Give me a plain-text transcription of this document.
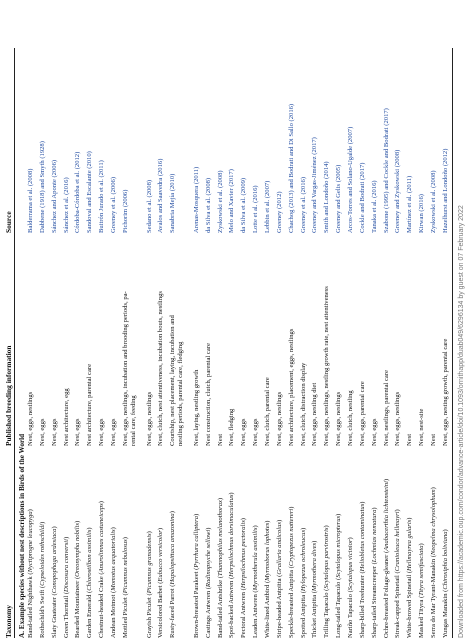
Taxonomy
Published breeding information
Source
A. Example species without nest descriptions in Birds of the World Band-tailed Nighthawk (Nyctiprogne leucopyga)
Nest, eggs, nestlings
Balderrama et al. (2008)
Rothschild's Swift (Cypseloides rothschildi)
Nest, eggs
Dabbene (1918) and Smyth (1928)
Slaty Gnateater (Conopophaga ardesiaca)
Nest, eggs
Sánchez and Aponte (2006)
Green Thorntail (Discosura conversii)
Nest architecture, egg
Sánchez et al. (2016)
Bearded Mountaineer (Oreonympha nobilis)
Nest, eggs
Córdoba-Córdoba et al. (2012)
Garden Emerald (Chlorostilbon assimilis)
Nest architecture, parental care
Sandoval and Escalante (2010)
Chestnut-headed Crake (Anurolimnas castaneiceps)
Nest, eggs
Buitrón Jurado et al. (2011)
Andean Motmot (Momotus aequatorialis)
Nest, eggs
Greeney et al. (2006)
Mottled Piculet (Picumnus nebulosus)
Nest, eggs, nestlings, incubation and brooding periods, pa- rental care, feeding
Pichorim (2006)
Grayish Piculet (Picumnus granadensis)
Nest, eggs, nestlings
Sedano et al. (2008)
Versicolored Barbet (Eubucco versicolor)
Nest, clutch, nest attentiveness, incubation bouts, nestlings
Avalos and Saavedra (2016)
Rusty-faced Parrot (Hapalopsittaca amazonina)
Courtship, nest placement, laying, incubation and nestling periods, parental care, fledging
Sanabria Mejía (2010)
Brown-breasted Parakeet (Pyrrhura calliptera)
Nest, laying, nestling growth
Arenas-Mosquera (2011)
Castings Antwren (Radinopsyche sellowi)
Nest construction, clutch, parental care
da Silva et al. (2008)
Band-tailed Antshrike (Thamnophilus melanothorax)
Nest
Zyskowski et al. (2008)
Spot-backed Antwren (Herpsilochmus dorsimaculatus)
Nest, fledging
Melo and Xavier (2017)
Pectoral Antwren (Herpsilochmus pectoralis)
Nest, eggs
da Silva et al. (2009)
Leaden Antwren (Myrmotherula assimilis)
Nest, eggs
Lotte et al. (2016)
White-lined Antbird (Myrmoborus lophotes)
Nest, clutch, parental care
Lebbin et al. (2007)
Stripe-headed Antpitta (Grallaria andicolus)
Nest, eggs, nestlings
Greeney (2012)
Speckle-breasted Antpitta (Cryptopezus nattereri)
Nest architecture, placement, eggs, nestlings
Chachog (2013) and Bodrati and Di Sallo (2016)
Spotted Antpitta (Hylopezus ochroleucus)
Nest, clutch, distraction display
Greeney et al. (2016)
Thicket Antpitta (Myrmothera dives)
Nest, eggs, nestling diet
Greeney and Vargas-Jiménez (2017)
Trilling Tapaculo (Scytalopus parvirostris)
Nest, eggs, nestlings, nestling growth rate, nest attentiveness
Smith and Londoño (2014)
Long-tailed Tapaculo (Scytalopus micropterus)
Nest, eggs, nestlings
Greeney and Gelis (2005)
Nariño Tapaculo (Scytalopus vicinior)
Nest, clutch, nestling
Arcos-Torres and Solano-Ugalde (2007)
Sharp-billed Treehunter (Heliobletus contaminatus)
Nest, eggs, parental care
Cockle and Bodrati (2017)
Sharp-tailed Streamcreeper (Lochmias nematura)
Nest, eggs
Tanaka et al. (2016)
Ochre-breasted Foliage-gleaner (Anabacerthia lichtensteini)
Nest, nestlings, parental care
Szabone (1995) and Cockle and Bodrati (2017)
Streak-capped Spinetail (Cranioleuca hellmayri)
Nest, eggs, nestlings
Greeney and Zyskowski (2008)
White-browed Spinetail (Hellmayrea gularis)
Nest
Martínez et al. (2011)
Masked Tityra (Tityra semifasciata)
Nest, nest-site
Kirwan (2016)
Serra do Mar Tyrant-Manakin (Neopelma chrysolophum)
Nest
Zyskowski et al. (2008)
Yungas Manakin (Chiroxiphia boliviana)
Nest, eggs, nesting growth, parental care
Hazelhurst and Londoño (2012)
Downloaded from https://academic.oup.com/condor/advance-article/doi/10.1093/ornithapp/duab049/6296134 by guest on 07 February 2022
